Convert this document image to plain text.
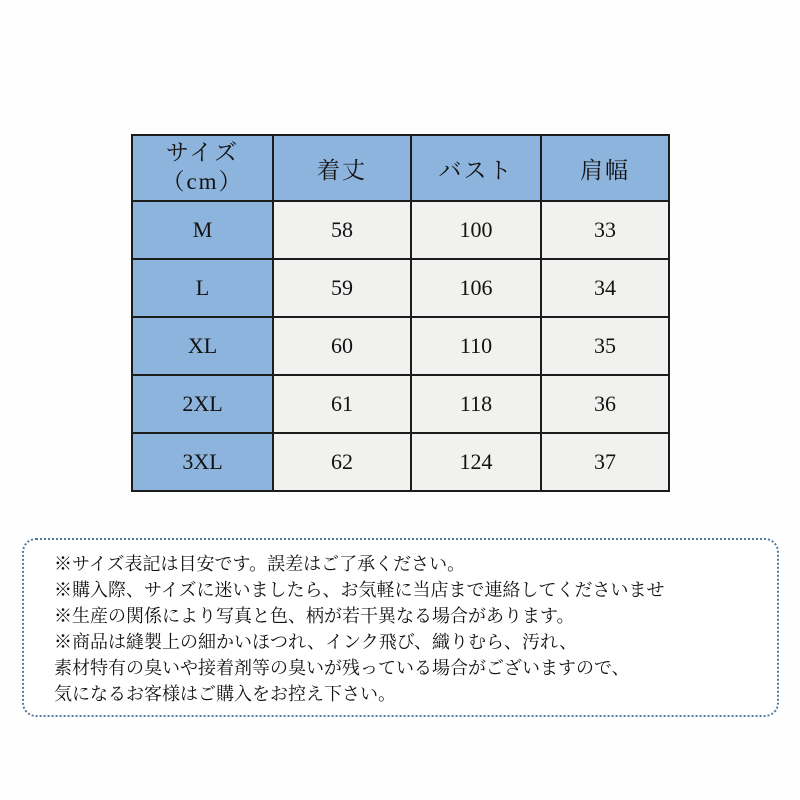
サイズ
（cm）	着丈	バスト	肩幅
M	58	100	33
L	59	106	34
XL	60	110	35
2XL	61	118	36
3XL	62	124	37

※サイズ表記は目安です。誤差はご了承ください。

※購入際、サイズに迷いましたら、お気軽に当店まで連絡してくださいませ

※生産の関係により写真と色、柄が若干異なる場合があります。

※商品は縫製上の細かいほつれ、インク飛び、織りむら、汚れ、

素材特有の臭いや接着剤等の臭いが残っている場合がございますので、

気になるお客様はご購入をお控え下さい。
